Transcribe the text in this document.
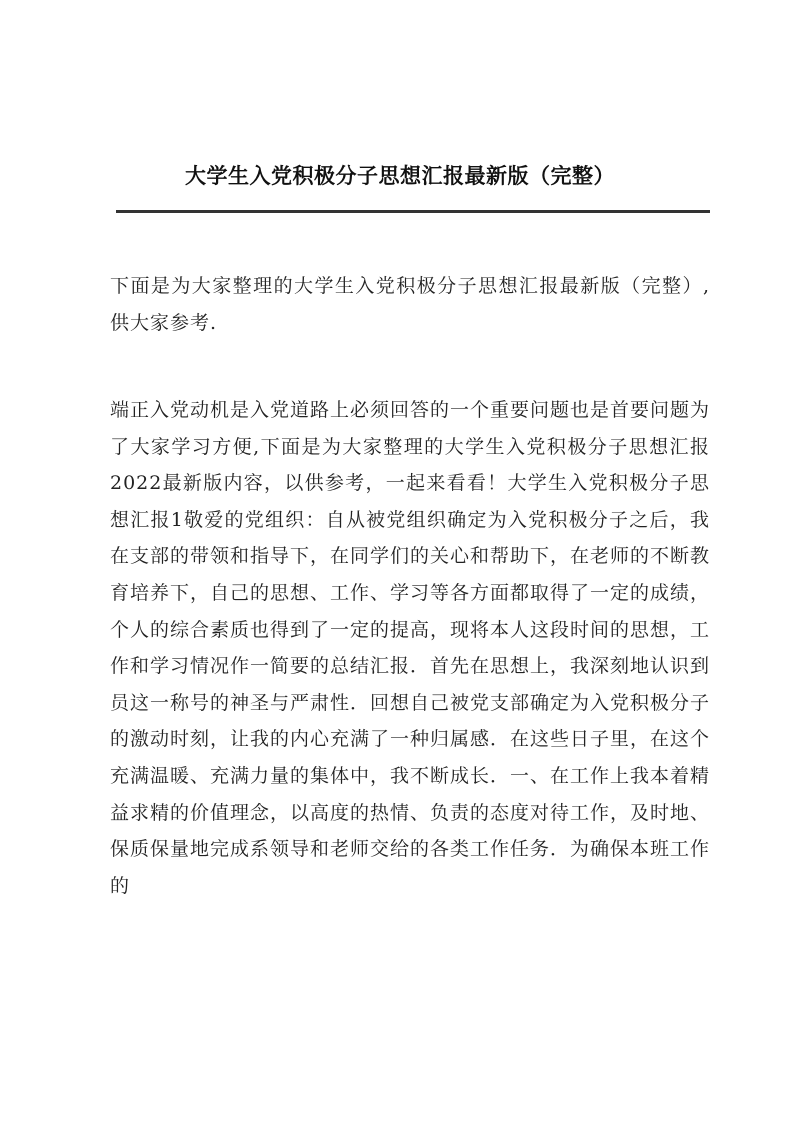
大学生入党积极分子思想汇报最新版（完整）

下面是为大家整理的大学生入党积极分子思想汇报最新版（完整）,供大家参考.

端正入党动机是入党道路上必须回答的一个重要问题也是首要问题为了大家学习方便,下面是为大家整理的大学生入党积极分子思想汇报2022最新版内容，以供参考，一起来看看！大学生入党积极分子思想汇报1敬爱的党组织：自从被党组织确定为入党积极分子之后，我在支部的带领和指导下，在同学们的关心和帮助下，在老师的不断教育培养下，自己的思想、工作、学习等各方面都取得了一定的成绩，个人的综合素质也得到了一定的提高，现将本人这段时间的思想，工作和学习情况作一简要的总结汇报．首先在思想上，我深刻地认识到员这一称号的神圣与严肃性．回想自己被党支部确定为入党积极分子的激动时刻，让我的内心充满了一种归属感．在这些日子里，在这个充满温暖、充满力量的集体中，我不断成长．一、在工作上我本着精益求精的价值理念，以高度的热情、负责的态度对待工作，及时地、保质保量地完成系领导和老师交给的各类工作任务．为确保本班工作的
